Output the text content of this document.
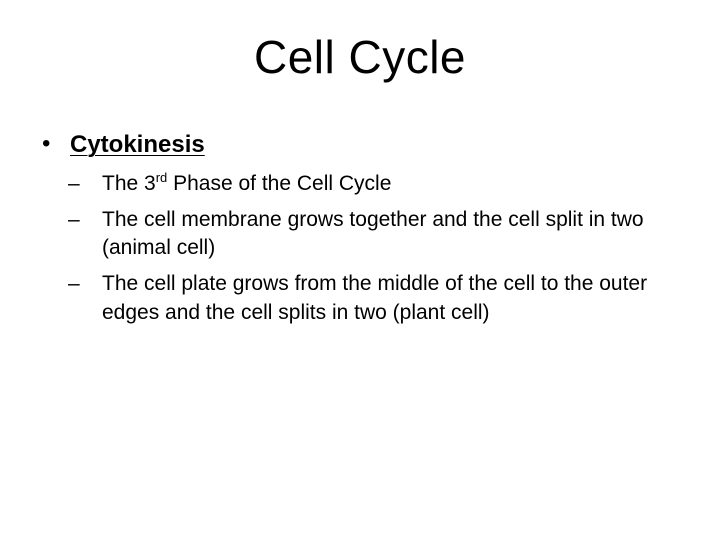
Cell Cycle
• Cytokinesis
– The 3rd Phase of the Cell Cycle
– The cell membrane grows together and the cell split in two (animal cell)
– The cell plate grows from the middle of the cell to the outer edges and the cell splits in two (plant cell)
